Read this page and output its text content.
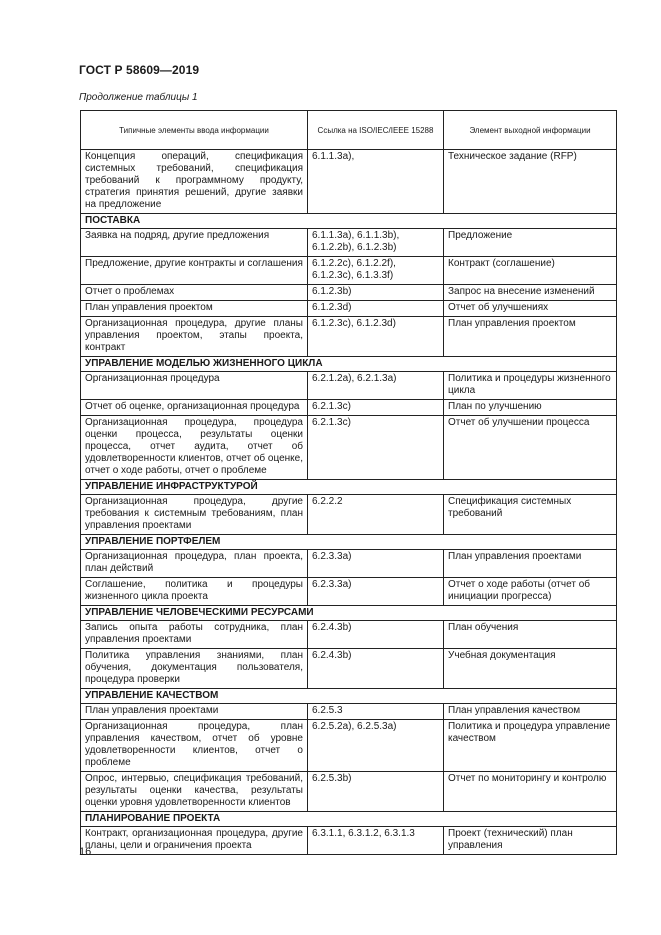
ГОСТ Р 58609—2019
Продолжение таблицы 1
Типичные элементы ввода информации	Ссылка на ISO/IEC/IEEE 15288	Элемент выходной информации
Концепция операций, спецификация системных требований, спецификация требований к программному продукту, стратегия принятия решений, другие заявки на предложение	6.1.1.3a),	Техническое задание (RFP)
ПОСТАВКА		
Заявка на подряд, другие предложения	6.1.1.3a), 6.1.1.3b), 6.1.2.2b), 6.1.2.3b)	Предложение
Предложение, другие контракты и соглашения	6.1.2.2c), 6.1.2.2f), 6.1.2.3c), 6.1.3.3f)	Контракт (соглашение)
Отчет о проблемах	6.1.2.3b)	Запрос на внесение изменений
План управления проектом	6.1.2.3d)	Отчет об улучшениях
Организационная процедура, другие планы управления проектом, этапы проекта, контракт	6.1.2.3c), 6.1.2.3d)	План управления проектом
УПРАВЛЕНИЕ МОДЕЛЬЮ ЖИЗНЕННОГО ЦИКЛА		
Организационная процедура	6.2.1.2a), 6.2.1.3a)	Политика и процедуры жизненного цикла
Отчет об оценке, организационная процедура	6.2.1.3c)	План по улучшению
Организационная процедура, процедура оценки процесса, результаты оценки процесса, отчет аудита, отчет об удовлетворенности клиентов, отчет об оценке, отчет о ходе работы, отчет о проблеме	6.2.1.3c)	Отчет об улучшении процесса
УПРАВЛЕНИЕ ИНФРАСТРУКТУРОЙ		
Организационная процедура, другие требования к системным требованиям, план управления проектами	6.2.2.2	Спецификация системных требований
УПРАВЛЕНИЕ ПОРТФЕЛЕМ		
Организационная процедура, план проекта, план действий	6.2.3.3a)	План управления проектами
Соглашение, политика и процедуры жизненного цикла проекта	6.2.3.3a)	Отчет о ходе работы (отчет об инициации прогресса)
УПРАВЛЕНИЕ ЧЕЛОВЕЧЕСКИМИ РЕСУРСАМИ		
Запись опыта работы сотрудника, план управления проектами	6.2.4.3b)	План обучения
Политика управления знаниями, план обучения, документация пользователя, процедура проверки	6.2.4.3b)	Учебная документация
УПРАВЛЕНИЕ КАЧЕСТВОМ		
План управления проектами	6.2.5.3	План управления качеством
Организационная процедура, план управления качеством, отчет об уровне удовлетворенности клиентов, отчет о проблеме	6.2.5.2a), 6.2.5.3a)	Политика и процедура управление качеством
Опрос, интервью, спецификация требований, результаты оценки качества, результаты оценки уровня удовлетворенности клиентов	6.2.5.3b)	Отчет по мониторингу и контролю
ПЛАНИРОВАНИЕ ПРОЕКТА		
Контракт, организационная процедура, другие планы, цели и ограничения проекта	6.3.1.1, 6.3.1.2, 6.3.1.3	Проект (технический) план управления
16
